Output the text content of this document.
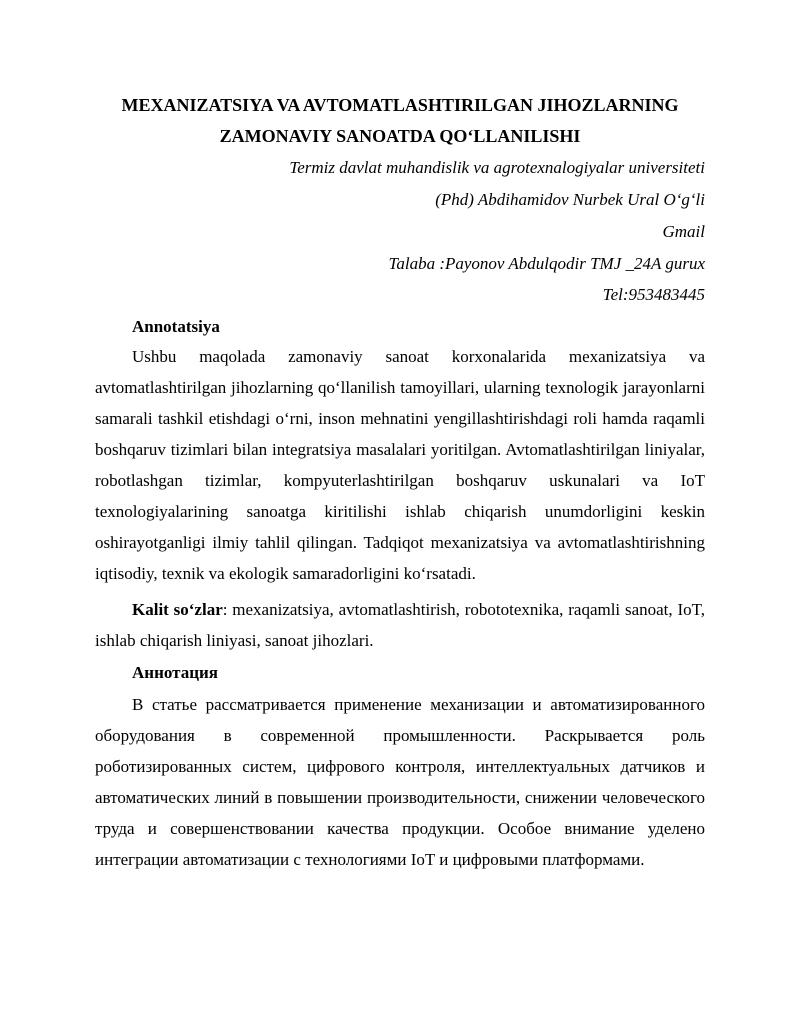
MEXANIZATSIYA VA AVTOMATLASHTIRILGAN JIHOZLARNING
ZAMONAVIY SANOATDA QO‘LLANILISHI
Termiz davlat muhandislik va agrotexnalogiyalar universiteti
(Phd) Abdihamidov Nurbek Ural O‘g‘li
Gmail
Talaba :Payonov Abdulqodir TMJ _24A gurux
Tel:953483445
Annotatsiya

Ushbu maqolada zamonaviy sanoat korxonalarida mexanizatsiya va avtomatlashtirilgan jihozlarning qo‘llanilish tamoyillari, ularning texnologik jarayonlarni samarali tashkil etishdagi o‘rni, inson mehnatini yengillashtirishdagi roli hamda raqamli boshqaruv tizimlari bilan integratsiya masalalari yoritilgan. Avtomatlashtirilgan liniyalar, robotlashgan tizimlar, kompyuterlashtirilgan boshqaruv uskunalari va IoT texnologiyalarining sanoatga kiritilishi ishlab chiqarish unumdorligini keskin oshirayotganligi ilmiy tahlil qilingan. Tadqiqot mexanizatsiya va avtomatlashtirishning iqtisodiy, texnik va ekologik samaradorligini ko‘rsatadi.

Kalit so‘zlar: mexanizatsiya, avtomatlashtirish, robototexnika, raqamli sanoat, IoT, ishlab chiqarish liniyasi, sanoat jihozlari.

Аннотация

В статье рассматривается применение механизации и автоматизированного оборудования в современной промышленности. Раскрывается роль роботизированных систем, цифрового контроля, интеллектуальных датчиков и автоматических линий в повышении производительности, снижении человеческого труда и совершенствовании качества продукции. Особое внимание уделено интеграции автоматизации с технологиями IoT и цифровыми платформами.
